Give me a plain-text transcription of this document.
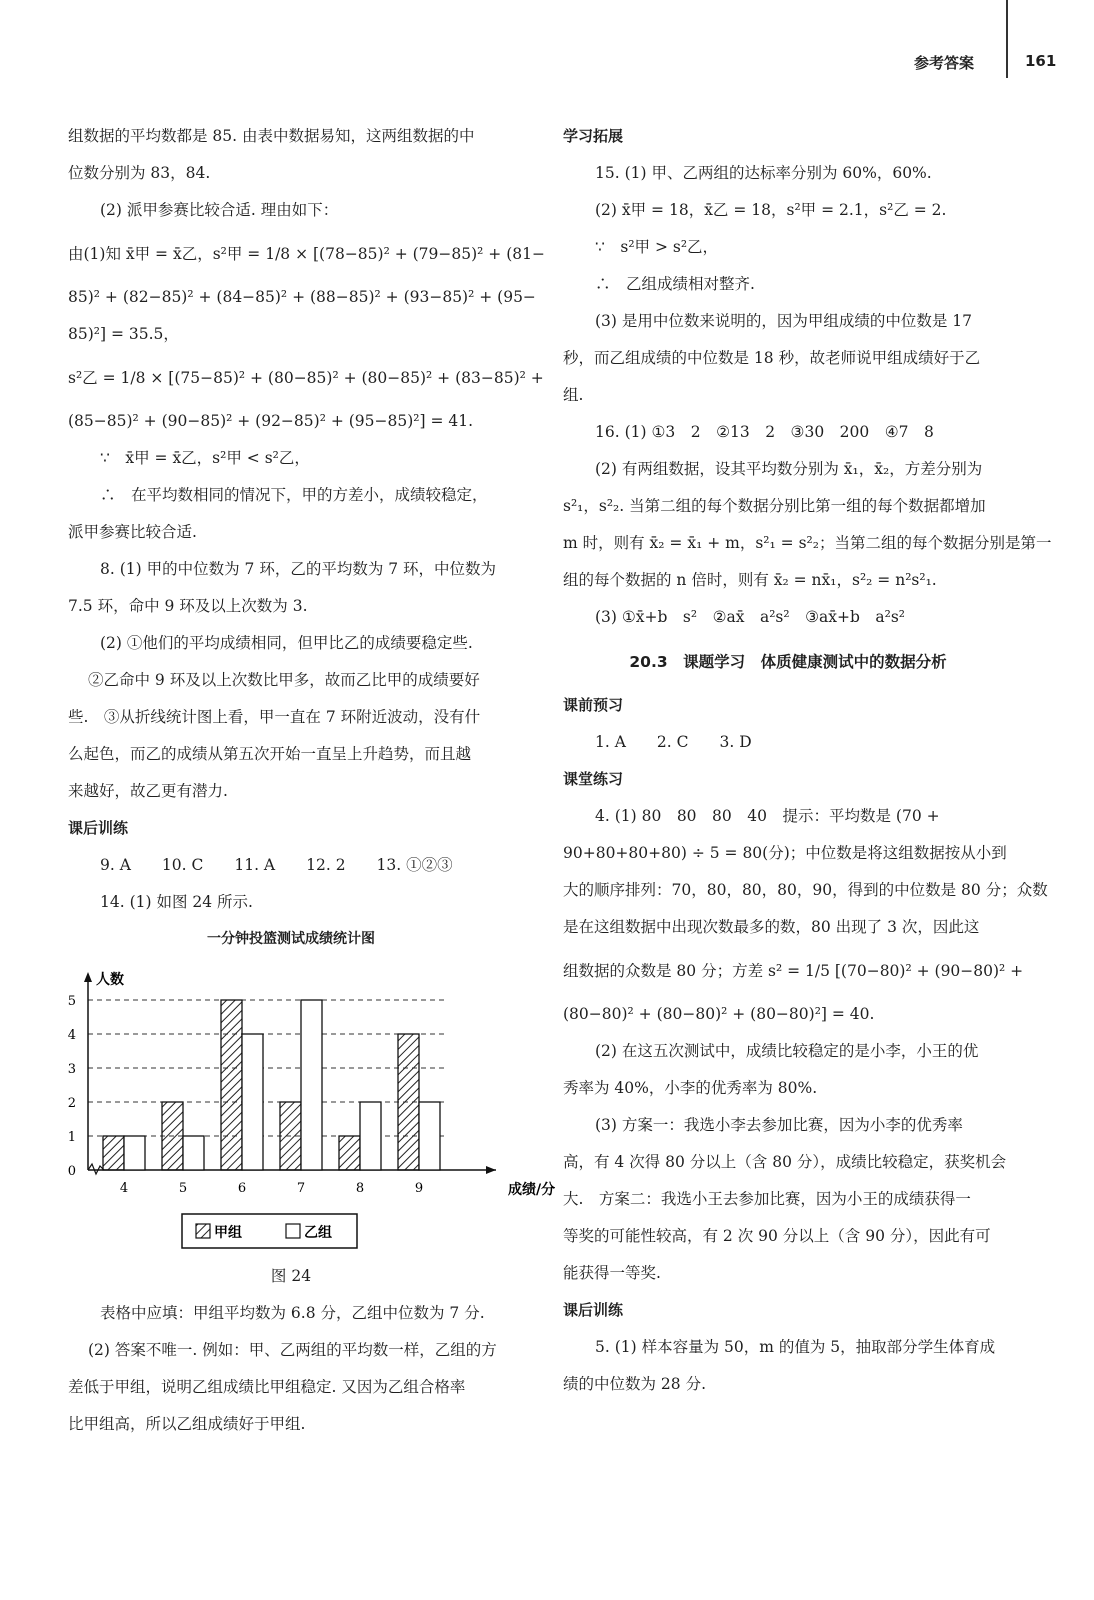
参考答案	161

组数据的平均数都是 85. 由表中数据易知，这两组数据的中

位数分别为 83，84.

(2) 派甲参赛比较合适. 理由如下：

由(1)知 x̄甲 = x̄乙，s²甲 = 1/8 × [(78−85)² + (79−85)² + (81−

85)² + (82−85)² + (84−85)² + (88−85)² + (93−85)² + (95−

85)²] = 35.5，

s²乙 = 1/8 × [(75−85)² + (80−85)² + (80−85)² + (83−85)² +

(85−85)² + (90−85)² + (92−85)² + (95−85)²] = 41.

∵　x̄甲 = x̄乙，s²甲 < s²乙，

∴　在平均数相同的情况下，甲的方差小，成绩较稳定，

派甲参赛比较合适.

8. (1) 甲的中位数为 7 环，乙的平均数为 7 环，中位数为

7.5 环，命中 9 环及以上次数为 3.

(2) ①他们的平均成绩相同，但甲比乙的成绩要稳定些.

②乙命中 9 环及以上次数比甲多，故而乙比甲的成绩要好

些.　③从折线统计图上看，甲一直在 7 环附近波动，没有什

么起色，而乙的成绩从第五次开始一直呈上升趋势，而且越

来越好，故乙更有潜力.

课后训练

9. A　　10. C　　11. A　　12. 2　　13. ①②③

14. (1) 如图 24 所示.

一分钟投篮测试成绩统计图

0
1
2
3
4
5
人数
成绩/分
4	5	6	7	8	9
甲组	乙组

图 24

表格中应填：甲组平均数为 6.8 分，乙组中位数为 7 分.

(2) 答案不唯一. 例如：甲、乙两组的平均数一样，乙组的方

差低于甲组，说明乙组成绩比甲组稳定. 又因为乙组合格率

比甲组高，所以乙组成绩好于甲组.

学习拓展

15. (1) 甲、乙两组的达标率分别为 60%，60%.

(2) x̄甲 = 18，x̄乙 = 18，s²甲 = 2.1，s²乙 = 2.

∵　s²甲 > s²乙，

∴　乙组成绩相对整齐.

(3) 是用中位数来说明的，因为甲组成绩的中位数是 17

秒，而乙组成绩的中位数是 18 秒，故老师说甲组成绩好于乙

组.

16. (1) ①3　2　②13　2　③30　200　④7　8

(2) 有两组数据，设其平均数分别为 x̄₁，x̄₂，方差分别为

s²₁，s²₂. 当第二组的每个数据分别比第一组的每个数据都增加

m 时，则有 x̄₂ = x̄₁ + m，s²₁ = s²₂；当第二组的每个数据分别是第一

组的每个数据的 n 倍时，则有 x̄₂ = nx̄₁，s²₂ = n²s²₁.

(3) ①x̄+b　s²　②ax̄　a²s²　③ax̄+b　a²s²

20.3　课题学习　体质健康测试中的数据分析

课前预习

1. A　　2. C　　3. D

课堂练习

4. (1) 80　80　80　40　提示：平均数是 (70 +

90+80+80+80) ÷ 5 = 80(分)；中位数是将这组数据按从小到

大的顺序排列：70，80，80，80，90，得到的中位数是 80 分；众数

是在这组数据中出现次数最多的数，80 出现了 3 次，因此这

组数据的众数是 80 分；方差 s² = 1/5 [(70−80)² + (90−80)² +

(80−80)² + (80−80)² + (80−80)²] = 40.

(2) 在这五次测试中，成绩比较稳定的是小李，小王的优

秀率为 40%，小李的优秀率为 80%.

(3) 方案一：我选小李去参加比赛，因为小李的优秀率

高，有 4 次得 80 分以上（含 80 分），成绩比较稳定，获奖机会

大.　方案二：我选小王去参加比赛，因为小王的成绩获得一

等奖的可能性较高，有 2 次 90 分以上（含 90 分），因此有可

能获得一等奖.

课后训练

5. (1) 样本容量为 50，m 的值为 5，抽取部分学生体育成

绩的中位数为 28 分.
